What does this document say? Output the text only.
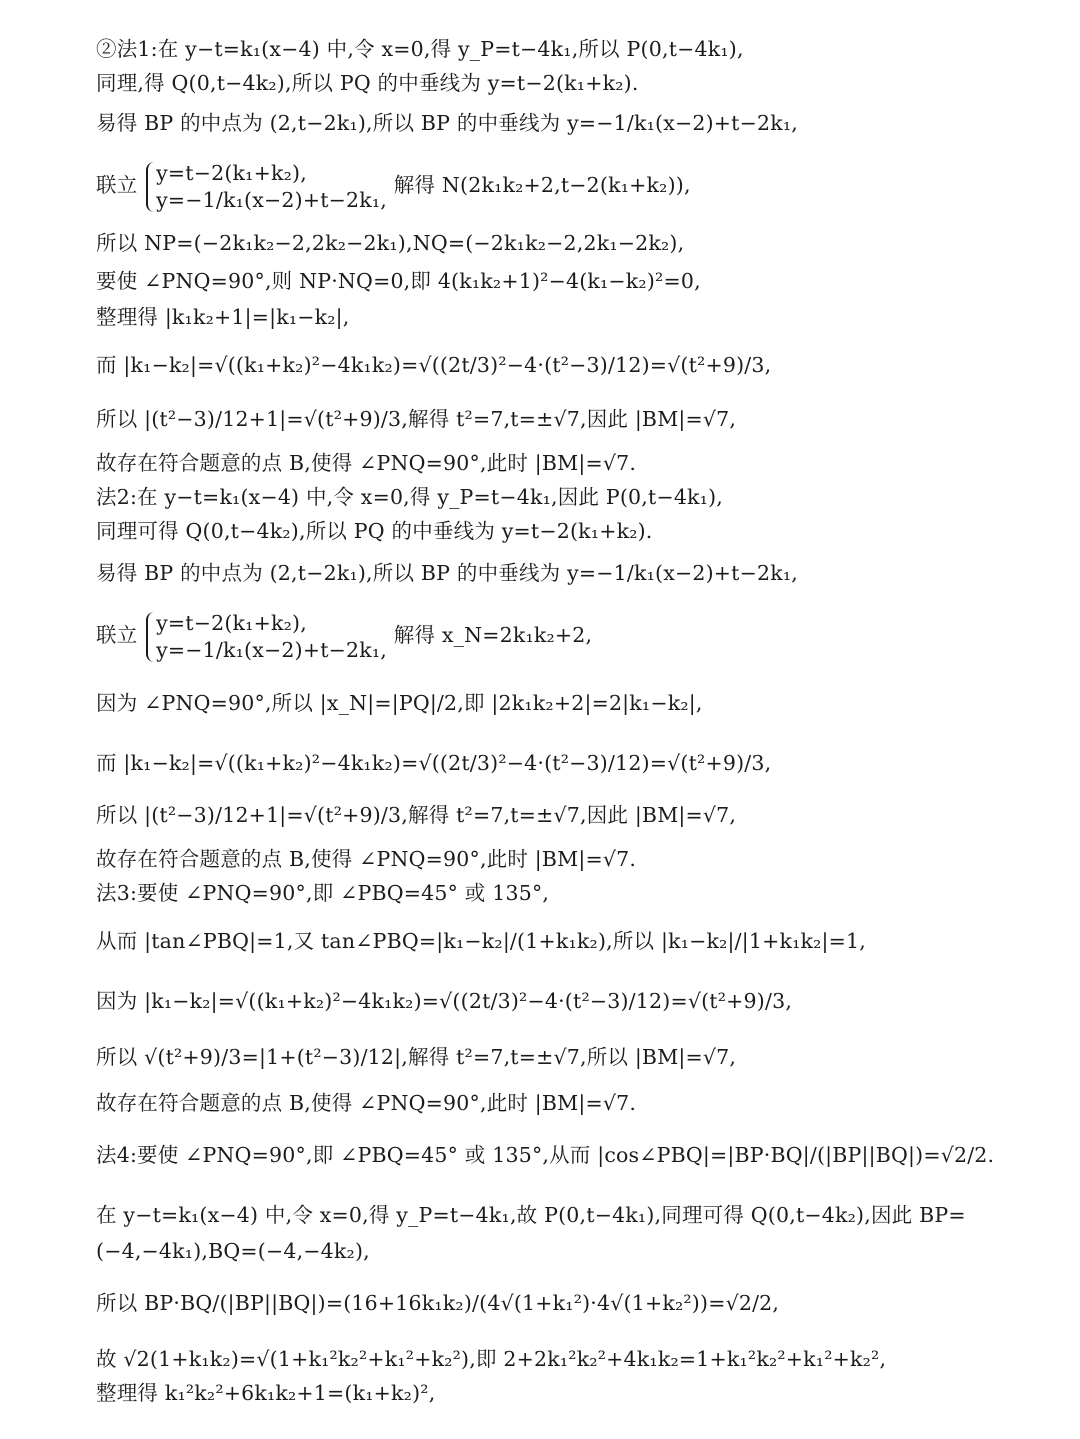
②法1:在 y−t=k₁(x−4) 中,令 x=0,得 y_P=t−4k₁,所以 P(0,t−4k₁),
同理,得 Q(0,t−4k₂),所以 PQ 的中垂线为 y=t−2(k₁+k₂).
易得 BP 的中点为 (2,t−2k₁),所以 BP 的中垂线为 y=−1/k₁(x−2)+t−2k₁,
联立
y=t−2(k₁+k₂),
y=−1/k₁(x−2)+t−2k₁,
解得 N(2k₁k₂+2,t−2(k₁+k₂)),
所以 NP=(−2k₁k₂−2,2k₂−2k₁),NQ=(−2k₁k₂−2,2k₁−2k₂),
要使 ∠PNQ=90°,则 NP·NQ=0,即 4(k₁k₂+1)²−4(k₁−k₂)²=0,
整理得 |k₁k₂+1|=|k₁−k₂|,
而 |k₁−k₂|=√((k₁+k₂)²−4k₁k₂)=√((2t/3)²−4·(t²−3)/12)=√(t²+9)/3,
所以 |(t²−3)/12+1|=√(t²+9)/3,解得 t²=7,t=±√7,因此 |BM|=√7,
故存在符合题意的点 B,使得 ∠PNQ=90°,此时 |BM|=√7.
法2:在 y−t=k₁(x−4) 中,令 x=0,得 y_P=t−4k₁,因此 P(0,t−4k₁),
同理可得 Q(0,t−4k₂),所以 PQ 的中垂线为 y=t−2(k₁+k₂).
易得 BP 的中点为 (2,t−2k₁),所以 BP 的中垂线为 y=−1/k₁(x−2)+t−2k₁,
联立
y=t−2(k₁+k₂),
y=−1/k₁(x−2)+t−2k₁,
解得 x_N=2k₁k₂+2,
因为 ∠PNQ=90°,所以 |x_N|=|PQ|/2,即 |2k₁k₂+2|=2|k₁−k₂|,
而 |k₁−k₂|=√((k₁+k₂)²−4k₁k₂)=√((2t/3)²−4·(t²−3)/12)=√(t²+9)/3,
所以 |(t²−3)/12+1|=√(t²+9)/3,解得 t²=7,t=±√7,因此 |BM|=√7,
故存在符合题意的点 B,使得 ∠PNQ=90°,此时 |BM|=√7.
法3:要使 ∠PNQ=90°,即 ∠PBQ=45° 或 135°,
从而 |tan∠PBQ|=1,又 tan∠PBQ=|k₁−k₂|/(1+k₁k₂),所以 |k₁−k₂|/|1+k₁k₂|=1,
因为 |k₁−k₂|=√((k₁+k₂)²−4k₁k₂)=√((2t/3)²−4·(t²−3)/12)=√(t²+9)/3,
所以 √(t²+9)/3=|1+(t²−3)/12|,解得 t²=7,t=±√7,所以 |BM|=√7,
故存在符合题意的点 B,使得 ∠PNQ=90°,此时 |BM|=√7.
法4:要使 ∠PNQ=90°,即 ∠PBQ=45° 或 135°,从而 |cos∠PBQ|=|BP·BQ|/(|BP||BQ|)=√2/2.
在 y−t=k₁(x−4) 中,令 x=0,得 y_P=t−4k₁,故 P(0,t−4k₁),同理可得 Q(0,t−4k₂),因此 BP=
(−4,−4k₁),BQ=(−4,−4k₂),
所以 BP·BQ/(|BP||BQ|)=(16+16k₁k₂)/(4√(1+k₁²)·4√(1+k₂²))=√2/2,
故 √2(1+k₁k₂)=√(1+k₁²k₂²+k₁²+k₂²),即 2+2k₁²k₂²+4k₁k₂=1+k₁²k₂²+k₁²+k₂²,
整理得 k₁²k₂²+6k₁k₂+1=(k₁+k₂)²,
